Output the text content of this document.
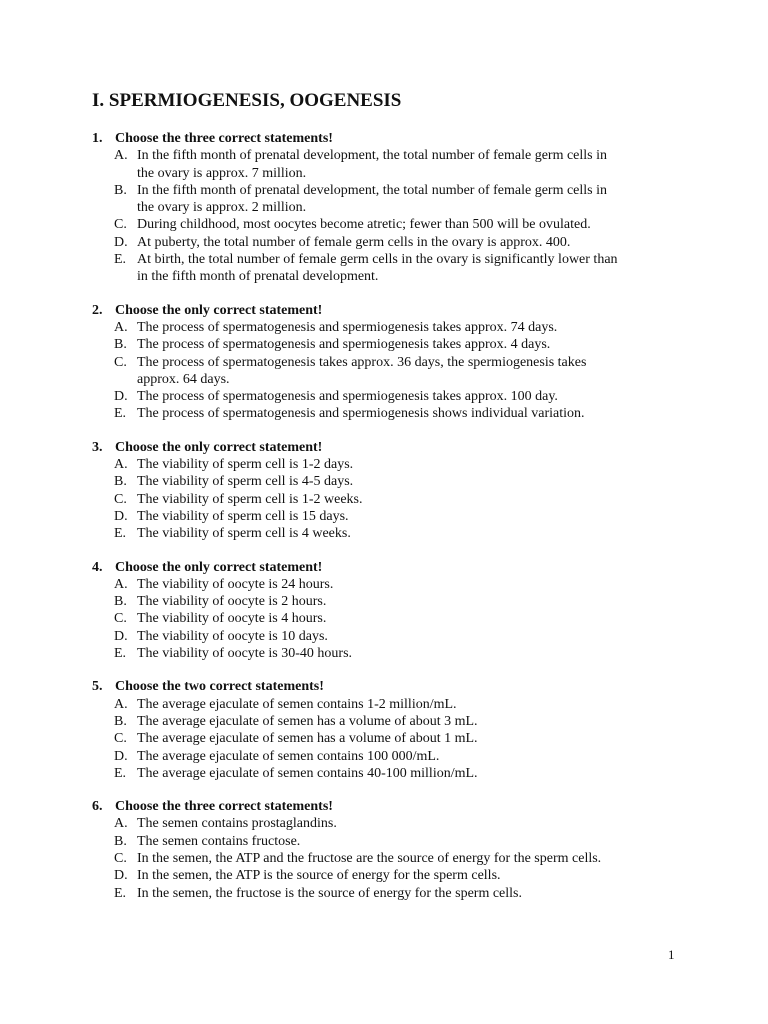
I. SPERMIOGENESIS, OOGENESIS
1. Choose the three correct statements!
A. In the fifth month of prenatal development, the total number of female germ cells in
the ovary is approx. 7 million.
B. In the fifth month of prenatal development, the total number of female germ cells in
the ovary is approx. 2 million.
C. During childhood, most oocytes become atretic; fewer than 500 will be ovulated.
D. At puberty, the total number of female germ cells in the ovary is approx. 400.
E. At birth, the total number of female germ cells in the ovary is significantly lower than
in the fifth month of prenatal development.
2. Choose the only correct statement!
A. The process of spermatogenesis and spermiogenesis takes approx. 74 days.
B. The process of spermatogenesis and spermiogenesis takes approx. 4 days.
C. The process of spermatogenesis takes approx. 36 days, the spermiogenesis takes
approx. 64 days.
D. The process of spermatogenesis and spermiogenesis takes approx. 100 day.
E. The process of spermatogenesis and spermiogenesis shows individual variation.
3. Choose the only correct statement!
A. The viability of sperm cell is 1-2 days.
B. The viability of sperm cell is 4-5 days.
C. The viability of sperm cell is 1-2 weeks.
D. The viability of sperm cell is 15 days.
E. The viability of sperm cell is 4 weeks.
4. Choose the only correct statement!
A. The viability of oocyte is 24 hours.
B. The viability of oocyte is 2 hours.
C. The viability of oocyte is 4 hours.
D. The viability of oocyte is 10 days.
E. The viability of oocyte is 30-40 hours.
5. Choose the two correct statements!
A. The average ejaculate of semen contains 1-2 million/mL.
B. The average ejaculate of semen has a volume of about 3 mL.
C. The average ejaculate of semen has a volume of about 1 mL.
D. The average ejaculate of semen contains 100 000/mL.
E. The average ejaculate of semen contains 40-100 million/mL.
6. Choose the three correct statements!
A. The semen contains prostaglandins.
B. The semen contains fructose.
C. In the semen, the ATP and the fructose are the source of energy for the sperm cells.
D. In the semen, the ATP is the source of energy for the sperm cells.
E. In the semen, the fructose is the source of energy for the sperm cells.
1
